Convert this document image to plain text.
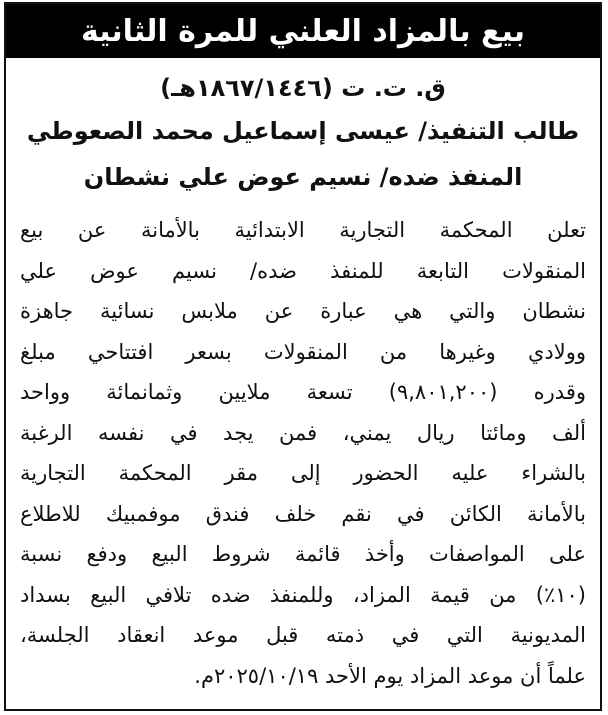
بيع بالمزاد العلني للمرة الثانية
ق. ت. ت (١٨٦٧/١٤٤٦هـ)
طالب التنفيذ/ عيسى إسماعيل محمد الصعوطي
المنفذ ضده/ نسيم عوض علي نشطان
تعلن المحكمة التجارية الابتدائية بالأمانة عن بيع
المنقولات التابعة للمنفذ ضده/ نسيم عوض علي
نشطان والتي هي عبارة عن ملابس نسائية جاهزة
وولادي وغيرها من المنقولات بسعر افتتاحي مبلغ
وقدره (٩,٨٠١,٢٠٠) تسعة ملايين وثمانمائة وواحد
ألف ومائتا ريال يمني، فمن يجد في نفسه الرغبة
بالشراء عليه الحضور إلى مقر المحكمة التجارية
بالأمانة الكائن في نقم خلف فندق موفمبيك للاطلاع
على المواصفات وأخذ قائمة شروط البيع ودفع نسبة
(١٠٪) من قيمة المزاد، وللمنفذ ضده تلافي البيع بسداد
المديونية التي في ذمته قبل موعد انعقاد الجلسة،
علماً أن موعد المزاد يوم الأحد ٢٠٢٥/١٠/١٩م.
